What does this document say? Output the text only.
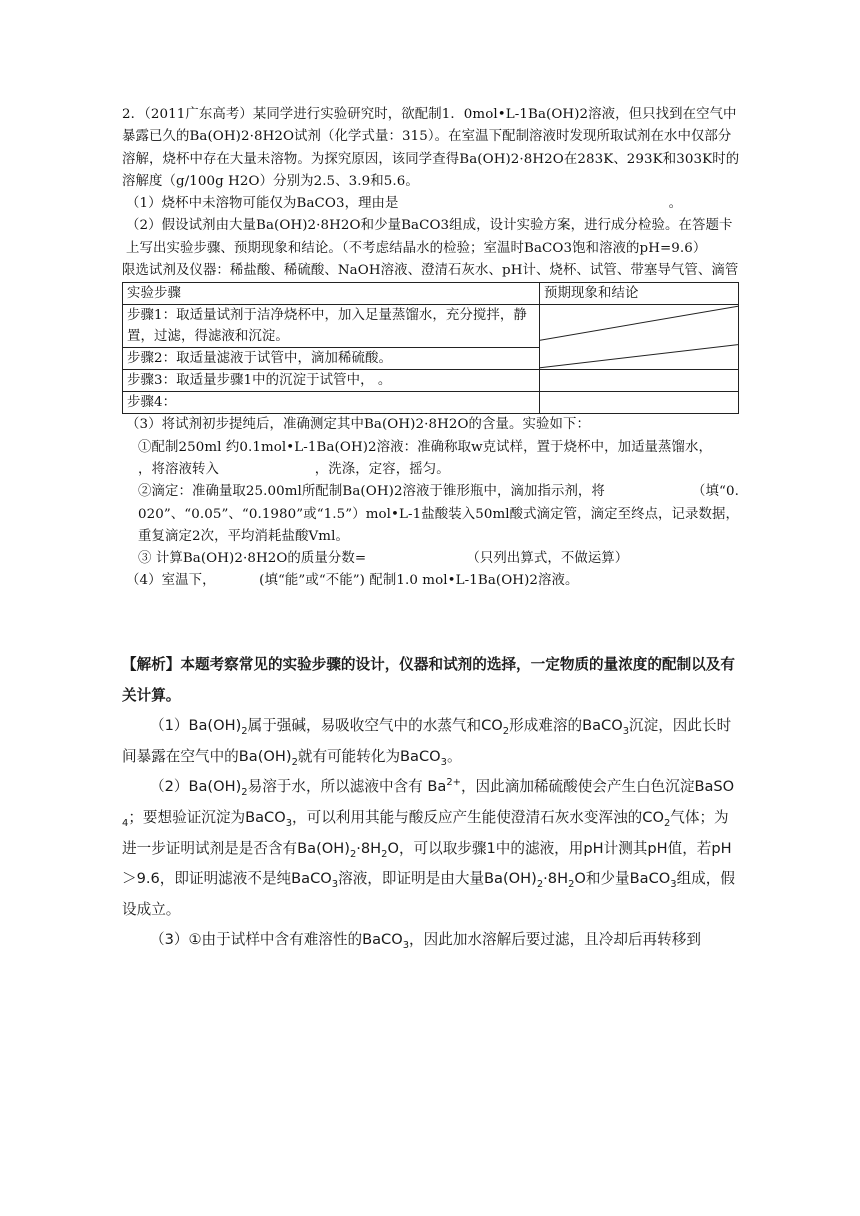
2．（2011广东高考）某同学进行实验研究时，欲配制1．0mol•L-1Ba(OH)2溶液，但只找到在空气中暴露已久的Ba(OH)2·8H2O试剂（化学式量：315）。在室温下配制溶液时发现所取试剂在水中仅部分溶解，烧杯中存在大量未溶物。为探究原因，该同学查得Ba(OH)2·8H2O在283K、293K和303K时的溶解度（g/100g H2O）分别为2.5、3.9和5.6。

（1）烧杯中未溶物可能仅为BaCO3，理由是                                                              。

（2）假设试剂由大量Ba(OH)2·8H2O和少量BaCO3组成，设计实验方案，进行成分检验。在答题卡上写出实验步骤、预期现象和结论。（不考虑结晶水的检验；室温时BaCO3饱和溶液的pH=9.6）

限选试剂及仪器：稀盐酸、稀硫酸、NaOH溶液、澄清石灰水、pH计、烧杯、试管、带塞导气管、滴管

实验步骤	预期现象和结论
步骤1：取适量试剂于洁净烧杯中，加入足量蒸馏水，充分搅拌，静置，过滤，得滤液和沉淀。	

步骤2：取适量滤液于试管中，滴加稀硫酸。	
步骤3：取适量步骤1中的沉淀于试管中， 。	
步骤4：	

（3）将试剂初步提纯后，准确测定其中Ba(OH)2·8H2O的含量。实验如下：

①配制250ml 约0.1mol•L-1Ba(OH)2溶液：准确称取w克试样，置于烧杯中，加适量蒸馏水，                    ，将溶液转入                      ，洗涤，定容，摇匀。

②滴定：准确量取25.00ml所配制Ba(OH)2溶液于锥形瓶中，滴加指示剂，将                    （填“0.020”、“0.05”、“0.1980”或“1.5”）mol•L-1盐酸装入50ml酸式滴定管，滴定至终点，记录数据，重复滴定2次，平均消耗盐酸Vml。

③ 计算Ba(OH)2·8H2O的质量分数=                       （只列出算式，不做运算）

（4）室温下，          (填“能”或“不能”) 配制1.0 mol•L-1Ba(OH)2溶液。

【解析】本题考察常见的实验步骤的设计，仪器和试剂的选择，一定物质的量浓度的配制以及有关计算。

$(1)Ba(OH)_2$属于强碱，易吸收空气中的水蒸气和$CO_2$形成难溶的BaCO$_3$沉淀，因此长时间暴露在空气中的$Ba(OH)_2$就有可能转化为BaCO$_3$。

$(2)Ba(OH)_2$易溶于水，所以滤液中含有 $Ba^{2+}$，因此滴加稀硫酸使会产生白色沉淀BaSO$_4$；要想验证沉淀为BaCO$_3$，可以利用其能与酸反应产生能使澄清石灰水变浑浊的$CO_2$气体；为进一步证明试剂是是否含有$Ba(OH)_2\cdot 8H_2O$，可以取步骤1中的滤液，用pH计测其pH值，若pH＞9.6，即证明滤液不是纯BaCO$_3$溶液，即证明是由大量$Ba(OH)_2\cdot 8H_2O$和少量BaCO$_3$组成，假设成立。

（3）①由于试样中含有难溶性的BaCO$_3$，因此加水溶解后要过滤，且冷却后再转移到
